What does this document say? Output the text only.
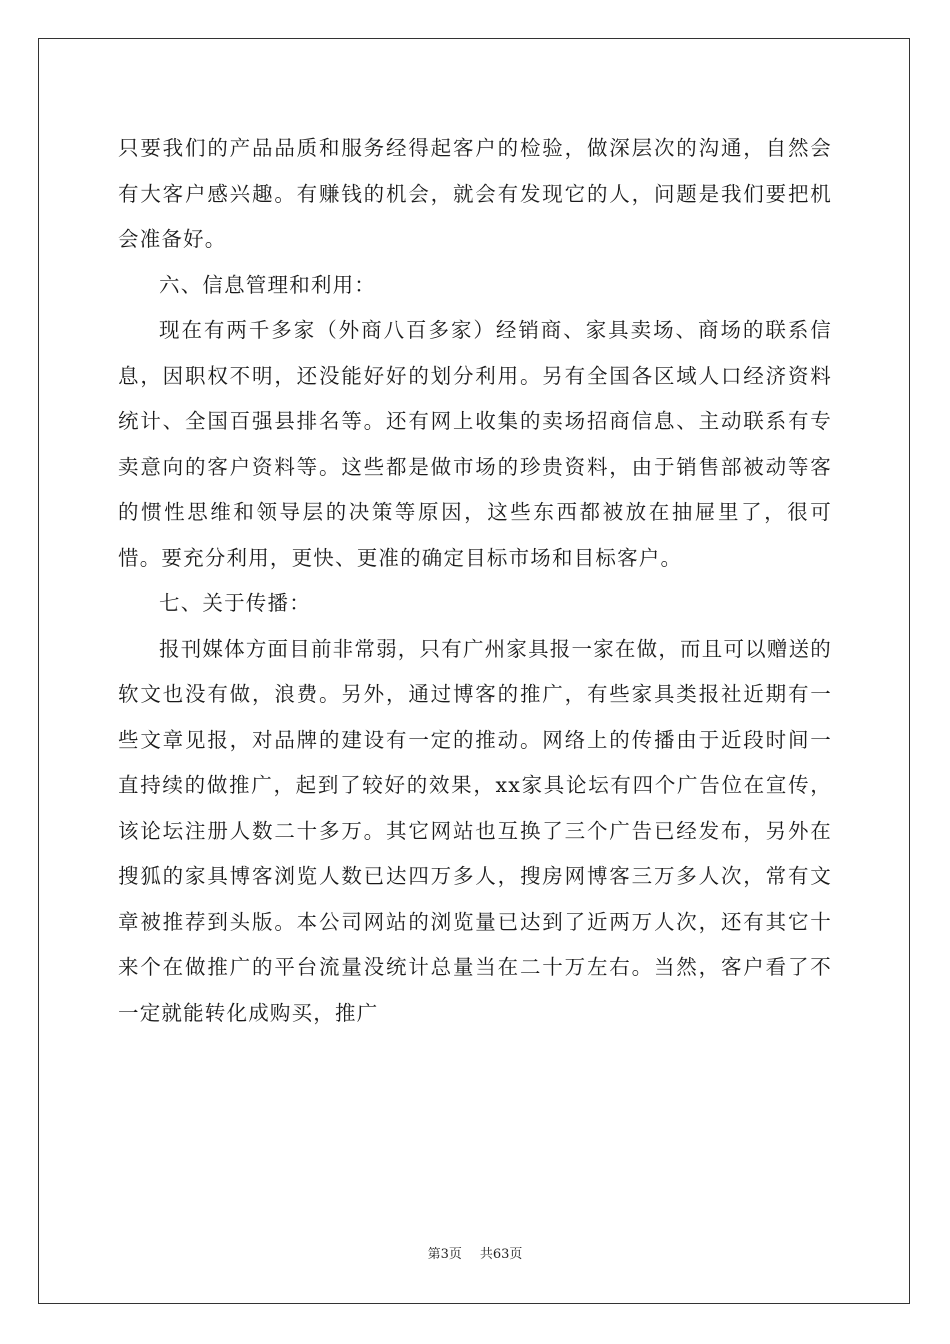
只要我们的产品品质和服务经得起客户的检验，做深层次的沟通，自然会有大客户感兴趣。有赚钱的机会，就会有发现它的人，问题是我们要把机会准备好。

六、信息管理和利用：

现在有两千多家（外商八百多家）经销商、家具卖场、商场的联系信息，因职权不明，还没能好好的划分利用。另有全国各区域人口经济资料统计、全国百强县排名等。还有网上收集的卖场招商信息、主动联系有专卖意向的客户资料等。这些都是做市场的珍贵资料，由于销售部被动等客的惯性思维和领导层的决策等原因，这些东西都被放在抽屉里了，很可惜。要充分利用，更快、更准的确定目标市场和目标客户。

七、关于传播：

报刊媒体方面目前非常弱，只有广州家具报一家在做，而且可以赠送的软文也没有做，浪费。另外，通过博客的推广，有些家具类报社近期有一些文章见报，对品牌的建设有一定的推动。网络上的传播由于近段时间一直持续的做推广，起到了较好的效果，xx家具论坛有四个广告位在宣传，该论坛注册人数二十多万。其它网站也互换了三个广告已经发布，另外在搜狐的家具博客浏览人数已达四万多人，搜房网博客三万多人次，常有文章被推荐到头版。本公司网站的浏览量已达到了近两万人次，还有其它十来个在做推广的平台流量没统计总量当在二十万左右。当然，客户看了不一定就能转化成购买，推广

第3页 共63页
